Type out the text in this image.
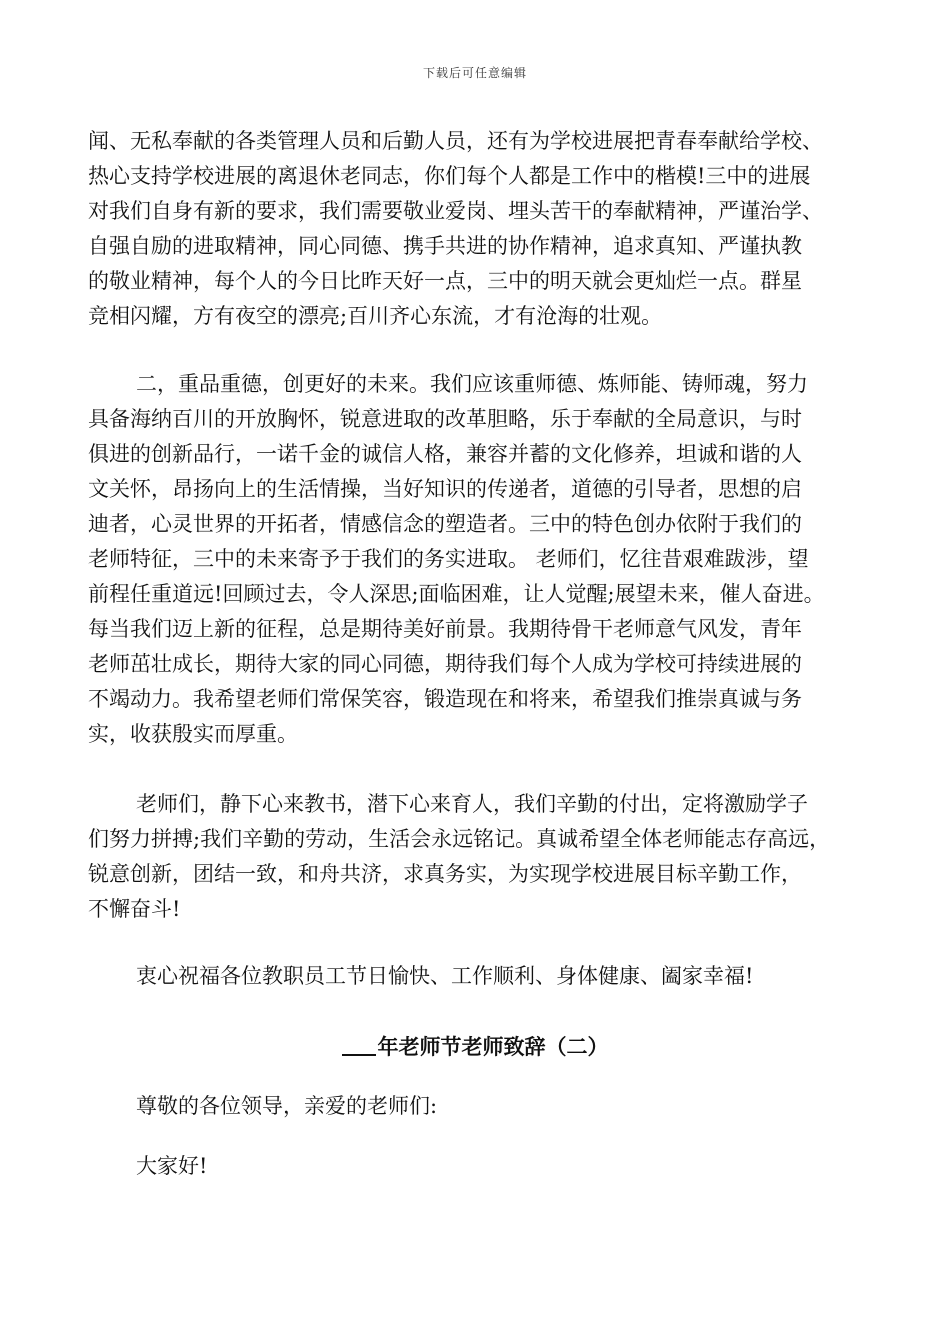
下载后可任意编辑
闻、无私奉献的各类管理人员和后勤人员，还有为学校进展把青春奉献给学校、
热心支持学校进展的离退休老同志，你们每个人都是工作中的楷模!三中的进展
对我们自身有新的要求，我们需要敬业爱岗、埋头苦干的奉献精神，严谨治学、
自强自励的进取精神，同心同德、携手共进的协作精神，追求真知、严谨执教
的敬业精神，每个人的今日比昨天好一点，三中的明天就会更灿烂一点。群星
竞相闪耀，方有夜空的漂亮;百川齐心东流，才有沧海的壮观。
二，重品重德，创更好的未来。我们应该重师德、炼师能、铸师魂，努力
具备海纳百川的开放胸怀，锐意进取的改革胆略，乐于奉献的全局意识，与时
俱进的创新品行，一诺千金的诚信人格，兼容并蓄的文化修养，坦诚和谐的人
文关怀，昂扬向上的生活情操，当好知识的传递者，道德的引导者，思想的启
迪者，心灵世界的开拓者，情感信念的塑造者。三中的特色创办依附于我们的
老师特征，三中的未来寄予于我们的务实进取。 老师们，忆往昔艰难跋涉，望
前程任重道远!回顾过去，令人深思;面临困难，让人觉醒;展望未来，催人奋进。
每当我们迈上新的征程，总是期待美好前景。我期待骨干老师意气风发，青年
老师茁壮成长，期待大家的同心同德，期待我们每个人成为学校可持续进展的
不竭动力。我希望老师们常保笑容，锻造现在和将来，希望我们推崇真诚与务
实，收获殷实而厚重。
老师们，静下心来教书，潜下心来育人，我们辛勤的付出，定将激励学子
们努力拼搏;我们辛勤的劳动，生活会永远铭记。真诚希望全体老师能志存高远，
锐意创新，团结一致，和舟共济，求真务实，为实现学校进展目标辛勤工作，
不懈奋斗!
衷心祝福各位教职员工节日愉快、工作顺利、身体健康、阖家幸福!
年老师节老师致辞（二）
尊敬的各位领导，亲爱的老师们:
大家好!
